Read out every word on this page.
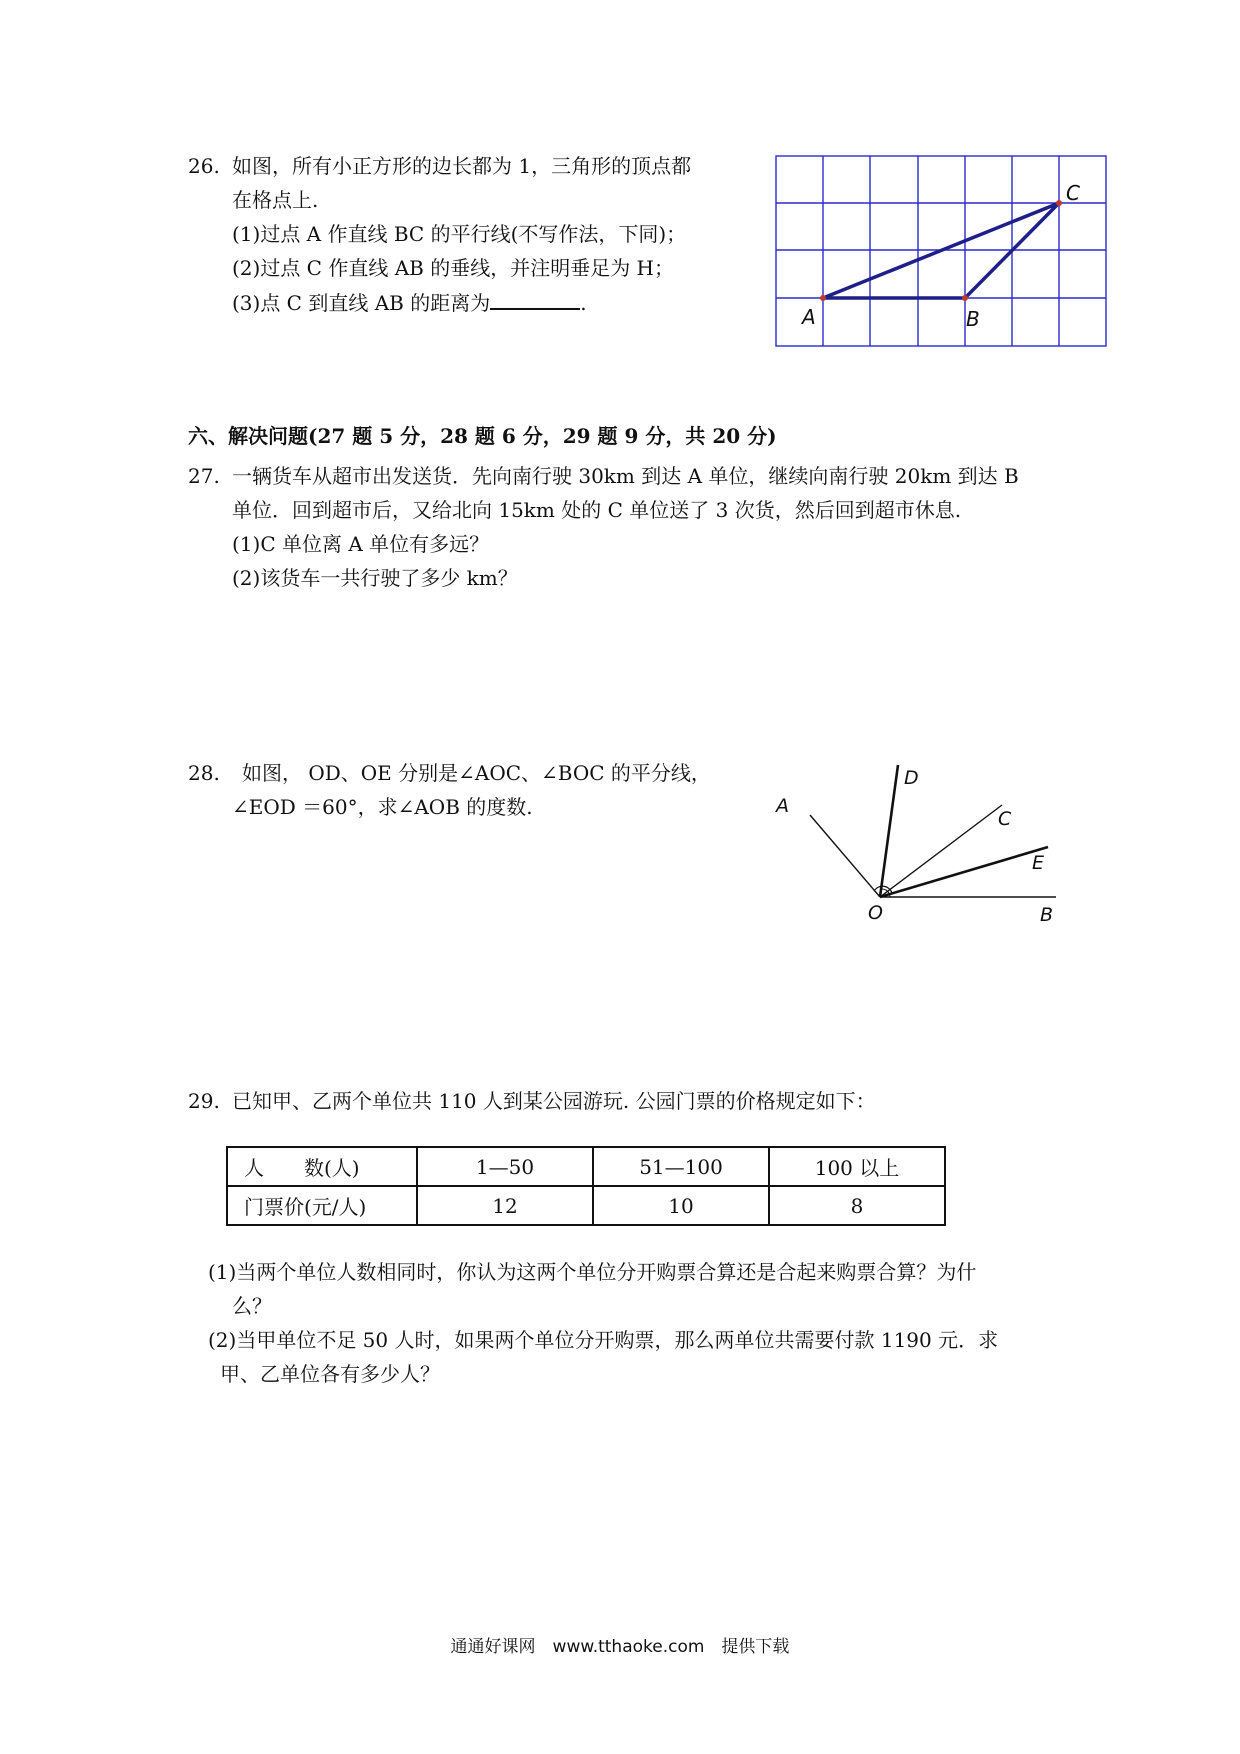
26. 如图，所有小正方形的边长都为 1，三角形的顶点都
在格点上.
(1)过点 A 作直线 BC 的平行线(不写作法，下同)；
(2)过点 C 作直线 AB 的垂线，并注明垂足为 H；
(3)点 C 到直线 AB 的距离为	.
A	B
C
六、解决问题(27 题 5 分，28 题 6 分，29 题 9 分，共 20 分)
27. 一辆货车从超市出发送货．先向南行驶 30km 到达 A 单位，继续向南行驶 20km 到达 B
单位．回到超市后，又给北向 15km 处的 C 单位送了 3 次货，然后回到超市休息.
(1)C 单位离 A 单位有多远？
(2)该货车一共行驶了多少 km？
28. 如图， OD、OE 分别是∠AOC、∠BOC 的平分线，
∠EOD ＝60°，求∠AOB 的度数.	A
D
C
E
O	B
29. 已知甲、乙两个单位共 110 人到某公园游玩. 公园门票的价格规定如下：
人　　数(人)	1—50	51—100	100 以上
门票价(元/人)	12	10	8
(1)当两个单位人数相同时，你认为这两个单位分开购票合算还是合起来购票合算？为什
么？
(2)当甲单位不足 50 人时，如果两个单位分开购票，那么两单位共需要付款 1190 元．求
甲、乙单位各有多少人？
通通好课网　www.tthaoke.com　提供下载
